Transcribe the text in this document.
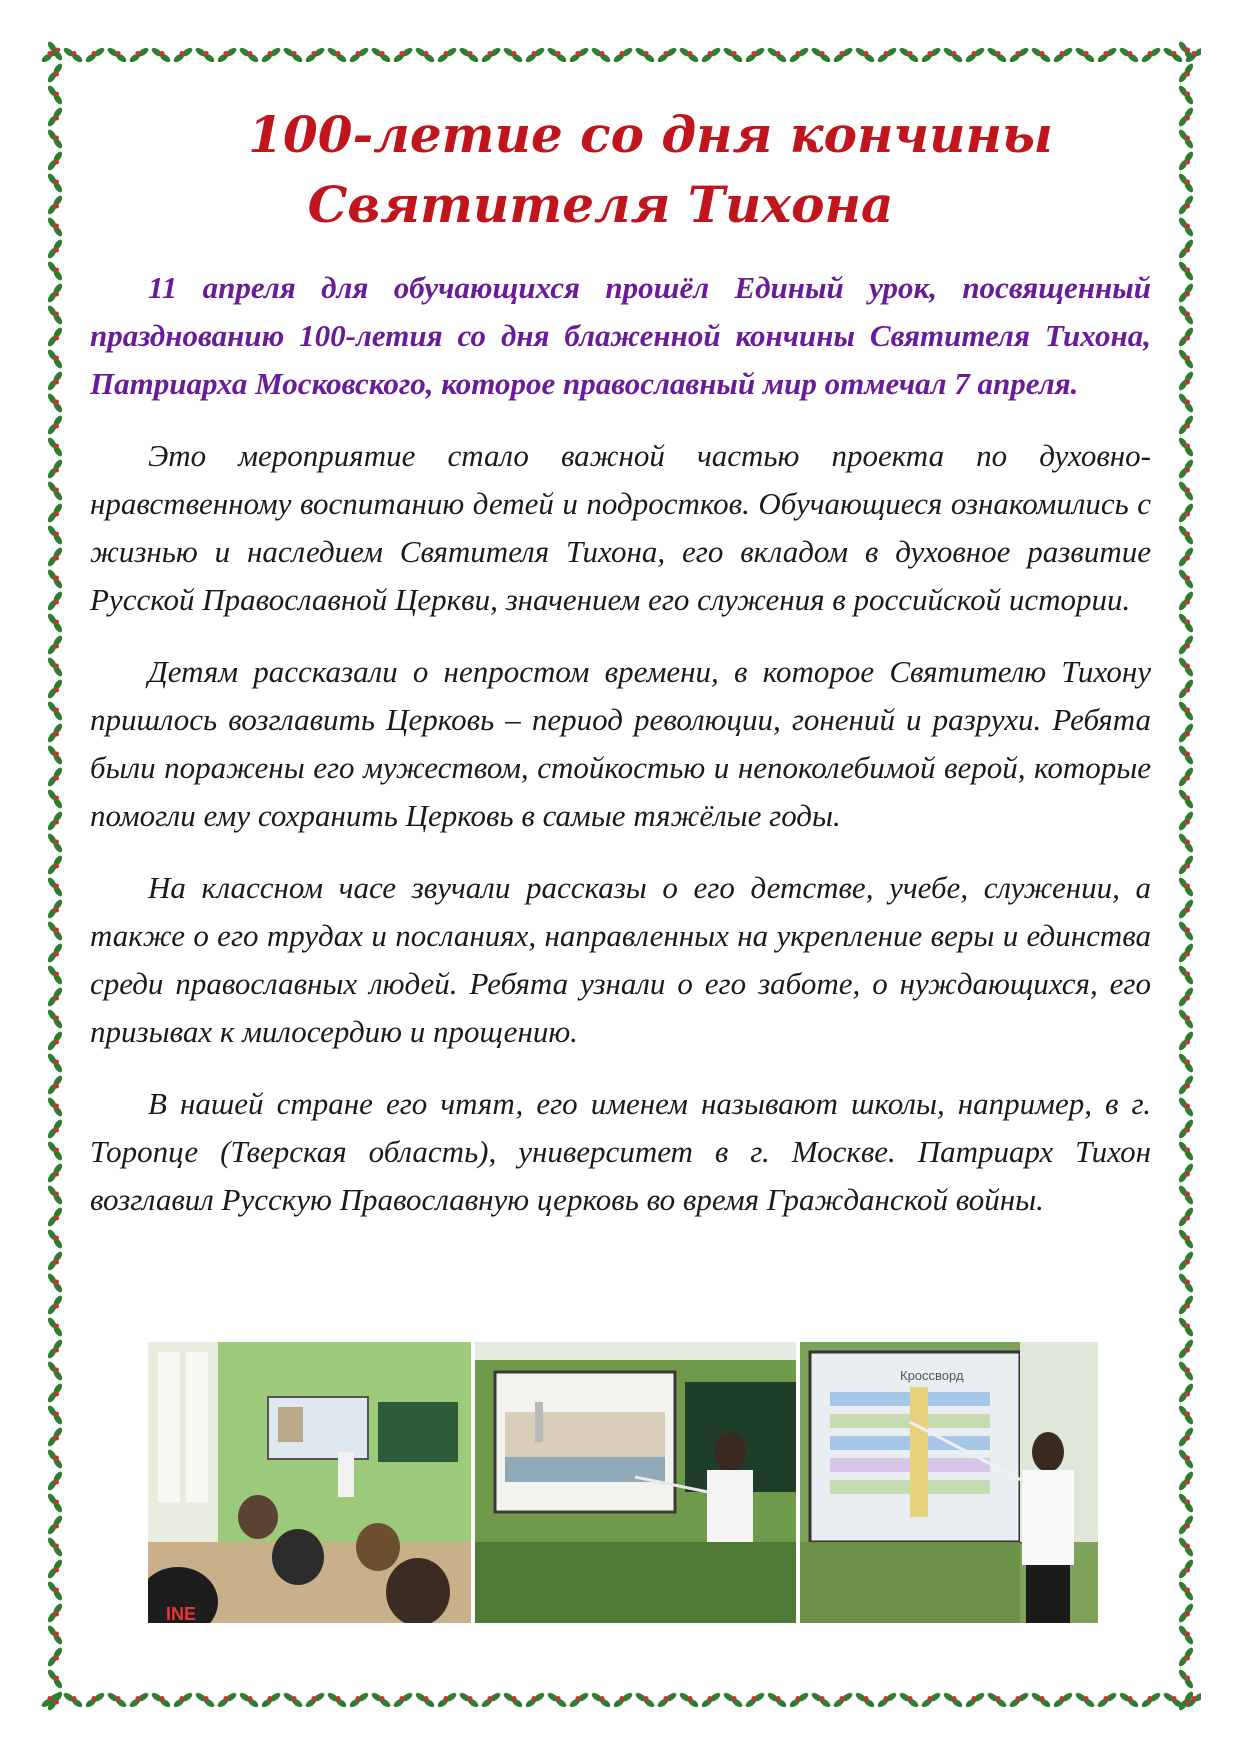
100-летие со дня кончины
Святителя Тихона

11 апреля для обучающихся прошёл Единый урок, посвященный празднованию 100-летия со дня блаженной кончины Святителя Тихона, Патриарха Московского, которое православный мир отмечал 7 апреля.

Это мероприятие стало важной частью проекта по духовно-нравственному воспитанию детей и подростков. Обучающиеся ознакомились с жизнью и наследием Святителя Тихона, его вкладом в духовное развитие Русской Православной Церкви, значением его служения в российской истории.

Детям рассказали о непростом времени, в которое Святителю Тихону пришлось возглавить Церковь – период революции, гонений и разрухи. Ребята были поражены его мужеством, стойкостью и непоколебимой верой, которые помогли ему сохранить Церковь в самые тяжёлые годы.

На классном часе звучали рассказы о его детстве, учебе, служении, а также о его трудах и посланиях, направленных на укрепление веры и единства среди православных людей. Ребята узнали о его заботе, о нуждающихся, его призывах к милосердию и прощению.

В нашей стране его чтят, его именем называют школы, например, в г. Торопце (Тверская область), университет в г. Москве. Патриарх Тихон возглавил Русскую Православную церковь во время Гражданской войны.

INE
Кроссворд
